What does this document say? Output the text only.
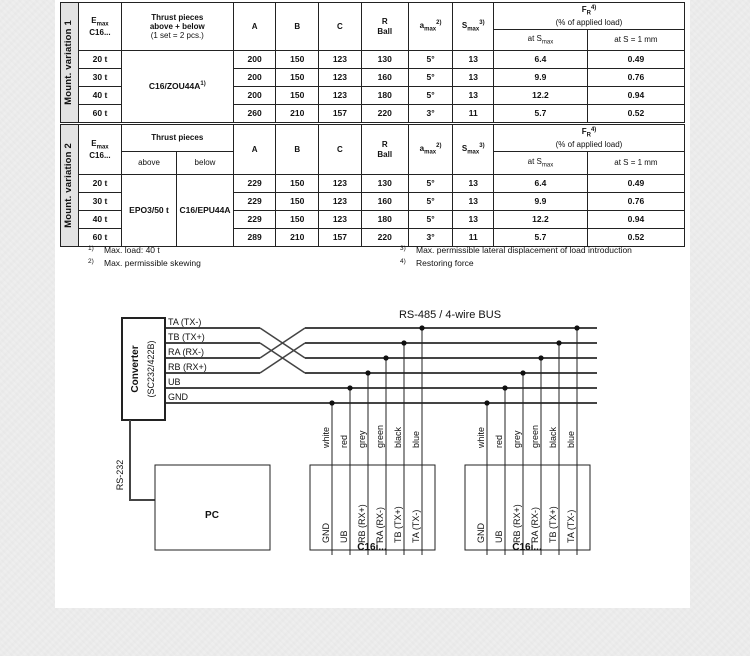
Mount. variation 1	$E_{max}$
C16...	Thrust pieces
above + below
(1 set = 2 pcs.)	A	B	C	R
Ball	$a_{max}^{2)}$	$S_{max}^{3)}$	$F_R^{4)}$
(% of applied load)	
									at $S_{max}$	at S = 1 mm
	20 t	$C16/ZOU44A^{1)}$	200	150	123	130	5°	13	6.4	0.49
	30 t		200	150	123	160	5°	13	9.9	0.76
	40 t		200	150	123	180	5°	13	12.2	0.94
	60 t		260	210	157	220	3°	11	5.7	0.52
Mount. variation 2	$E_{max}$
C16...	Thrust pieces		A	B	C	R
Ball	$a_{max}^{2)}$	$S_{max}^{3)}$	$F_R^{4)}$
(% of applied load)	
		above	below							at $S_{max}$	at S = 1 mm
	20 t	EPO3/50 t	C16/EPU44A	229	150	123	130	5°	13	6.4	0.49
	30 t			229	150	123	160	5°	13	9.9	0.76
	40 t			229	150	123	180	5°	13	12.2	0.94
	60 t			289	210	157	220	3°	11	5.7	0.52
1)	Max. load: 40 t
2)	Max. permissible skewing
3)	Max. permissible lateral displacement of load introduction
4)	Restoring force
Converter (SC232/422B)
TA (TX-)
TB (TX+)
RA (RX-)
RB (RX+)
UB
GND
RS-485 / 4-wire BUS
RS-232
PC
white red grey green black blue
GND UB RB (RX+) RA (RX-) TB (TX+) TA (TX-)
C16i...
white red grey green black blue
GND UB RB (RX+) RA (RX-) TB (TX+) TA (TX-)
C16i...
